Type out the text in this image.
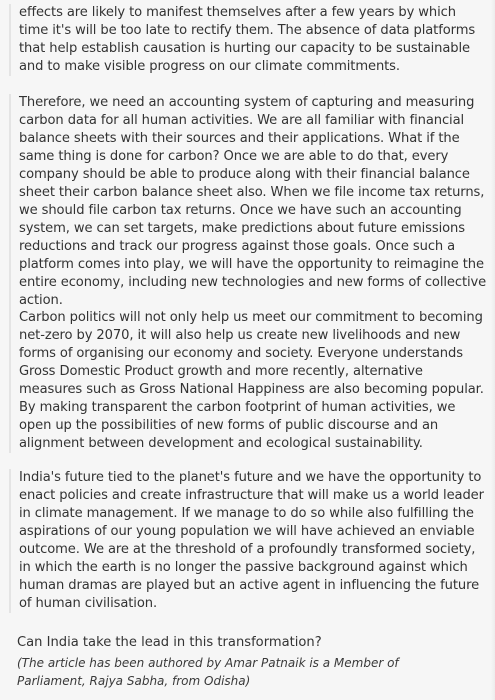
effects are likely to manifest themselves after a few years by which time it's will be too late to rectify them. The absence of data platforms that help establish causation is hurting our capacity to be sustainable and to make visible progress on our climate commitments.

Therefore, we need an accounting system of capturing and measuring carbon data for all human activities. We are all familiar with financial balance sheets with their sources and their applications. What if the same thing is done for carbon? Once we are able to do that, every company should be able to produce along with their financial balance sheet their carbon balance sheet also. When we file income tax returns, we should file carbon tax returns. Once we have such an accounting system, we can set targets, make predictions about future emissions reductions and track our progress against those goals. Once such a platform comes into play, we will have the opportunity to reimagine the entire economy, including new technologies and new forms of collective action.

Carbon politics will not only help us meet our commitment to becoming net-zero by 2070, it will also help us create new livelihoods and new forms of organising our economy and society. Everyone understands Gross Domestic Product growth and more recently, alternative measures such as Gross National Happiness are also becoming popular. By making transparent the carbon footprint of human activities, we open up the possibilities of new forms of public discourse and an alignment between development and ecological sustainability.

India's future tied to the planet's future and we have the opportunity to enact policies and create infrastructure that will make us a world leader in climate management. If we manage to do so while also fulfilling the aspirations of our young population we will have achieved an enviable outcome. We are at the threshold of a profoundly transformed society, in which the earth is no longer the passive background against which human dramas are played but an active agent in influencing the future of human civilisation.

Can India take the lead in this transformation?

(The article has been authored by Amar Patnaik is a Member of Parliament, Rajya Sabha, from Odisha)
